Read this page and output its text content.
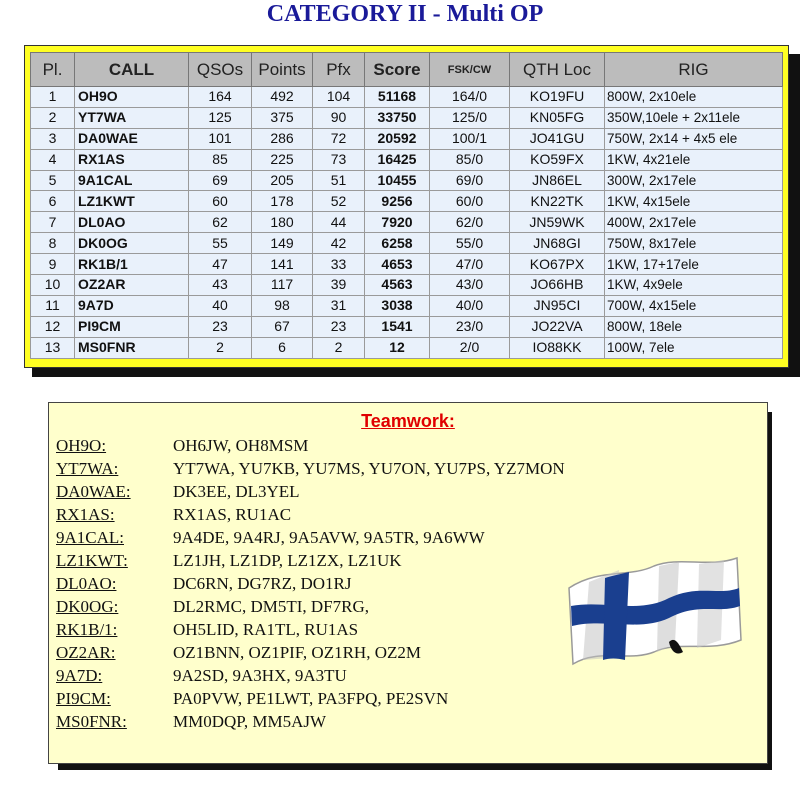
CATEGORY II - Multi OP
Pl.	CALL	QSOs	Points	Pfx	Score	FSK/CW	QTH Loc	RIG
1	OH9O	164	492	104	51168	164/0	KO19FU	800W, 2x10ele
2	YT7WA	125	375	90	33750	125/0	KN05FG	350W,10ele + 2x11ele
3	DA0WAE	101	286	72	20592	100/1	JO41GU	750W, 2x14 + 4x5 ele
4	RX1AS	85	225	73	16425	85/0	KO59FX	1KW, 4x21ele
5	9A1CAL	69	205	51	10455	69/0	JN86EL	300W, 2x17ele
6	LZ1KWT	60	178	52	9256	60/0	KN22TK	1KW, 4x15ele
7	DL0AO	62	180	44	7920	62/0	JN59WK	400W, 2x17ele
8	DK0OG	55	149	42	6258	55/0	JN68GI	750W, 8x17ele
9	RK1B/1	47	141	33	4653	47/0	KO67PX	1KW, 17+17ele
10	OZ2AR	43	117	39	4563	43/0	JO66HB	1KW, 4x9ele
11	9A7D	40	98	31	3038	40/0	JN95CI	700W, 4x15ele
12	PI9CM	23	67	23	1541	23/0	JO22VA	800W, 18ele
13	MS0FNR	2	6	2	12	2/0	IO88KK	100W, 7ele
Teamwork:
OH9O:	OH6JW, OH8MSM
YT7WA:	YT7WA, YU7KB, YU7MS, YU7ON, YU7PS, YZ7MON
DA0WAE: DK3EE, DL3YEL
RX1AS:	RX1AS, RU1AC
9A1CAL:	9A4DE, 9A4RJ, 9A5AVW, 9A5TR, 9A6WW
LZ1KWT:	LZ1JH, LZ1DP, LZ1ZX, LZ1UK
DL0AO:	DC6RN, DG7RZ, DO1RJ
DK0OG:	DL2RMC, DM5TI, DF7RG,
RK1B/1:	OH5LID, RA1TL, RU1AS
OZ2AR:	OZ1BNN, OZ1PIF, OZ1RH, OZ2M
9A7D:	9A2SD, 9A3HX, 9A3TU
PI9CM:	PA0PVW, PE1LWT, PA3FPQ, PE2SVN
MS0FNR:	MM0DQP, MM5AJW
